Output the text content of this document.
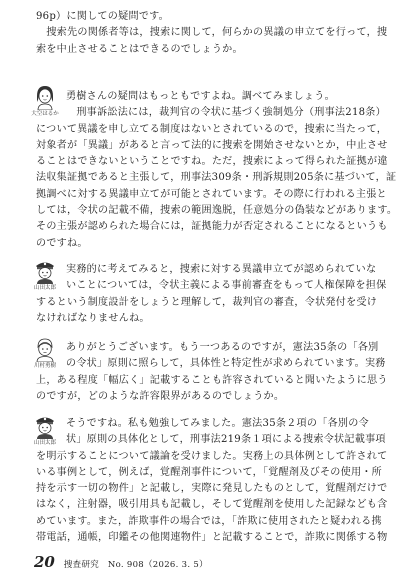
96p）に関しての疑問です。
　捜索先の関係者等は，捜索に関して，何らかの異議の申立てを行って，捜
索を中止させることはできるのでしょうか。

大空はるか

勇樹さんの疑問はもっともですよね。調べてみましょう。
　刑事訴訟法には，裁判官の令状に基づく強制処分（刑事法218条）
について異議を申し立てる制度はないとされているので，捜索に当たって，
対象者が「異議」があると言って法的に捜索を開始させないとか，中止させ
ることはできないということですね。ただ，捜索によって得られた証拠が違
法収集証拠であると主張して，刑事法309条・刑訴規則205条に基づいて，証
拠調べに対する異議申立てが可能とされています。その際に行われる主張と
しては，令状の記載不備，捜索の範囲逸脱，任意処分の偽装などがあります。
その主張が認められた場合には，証拠能力が否定されることになるというも
のですね。

山田太郎

実務的に考えてみると，捜索に対する異議申立てが認められていな
いことについては，令状主義による事前審査をもって人権保障を担保
するという制度設計をしょうと理解して，裁判官の審査，令状発付を受け
なければなりませんね。

川村勇樹

ありがとうございます。もう一つあるのですが，憲法35条の「各別
の令状」原則に照らして，具体性と特定性が求められています。実務
上，ある程度「幅広く」記載することも許容されていると聞いたように思う
のですが，どのような許容限界があるのでしょうか。

山田太郎

そうですね。私も勉強してみました。憲法35条２項の「各別の令
状」原則の具体化として，刑事法219条１項による捜索令状記載事項
を明示することについて議論を受けました。実務上の具体例として許されて
いる事例として，例えば，覚醒剤事件について，「覚醒剤及びその使用・所
持を示す一切の物件」と記載し，実際に発見したものとして，覚醒剤だけで
はなく，注射器，吸引用具も記載し，そして覚醒剤を使用した記録なども含
めています。また，詐欺事件の場合では，「詐欺に使用されたと疑われる携
帯電話，通帳，印鑑その他関連物件」と記載することで，詐欺に関係する物

20 捜査研究　No. 908（2026. 3. 5）
